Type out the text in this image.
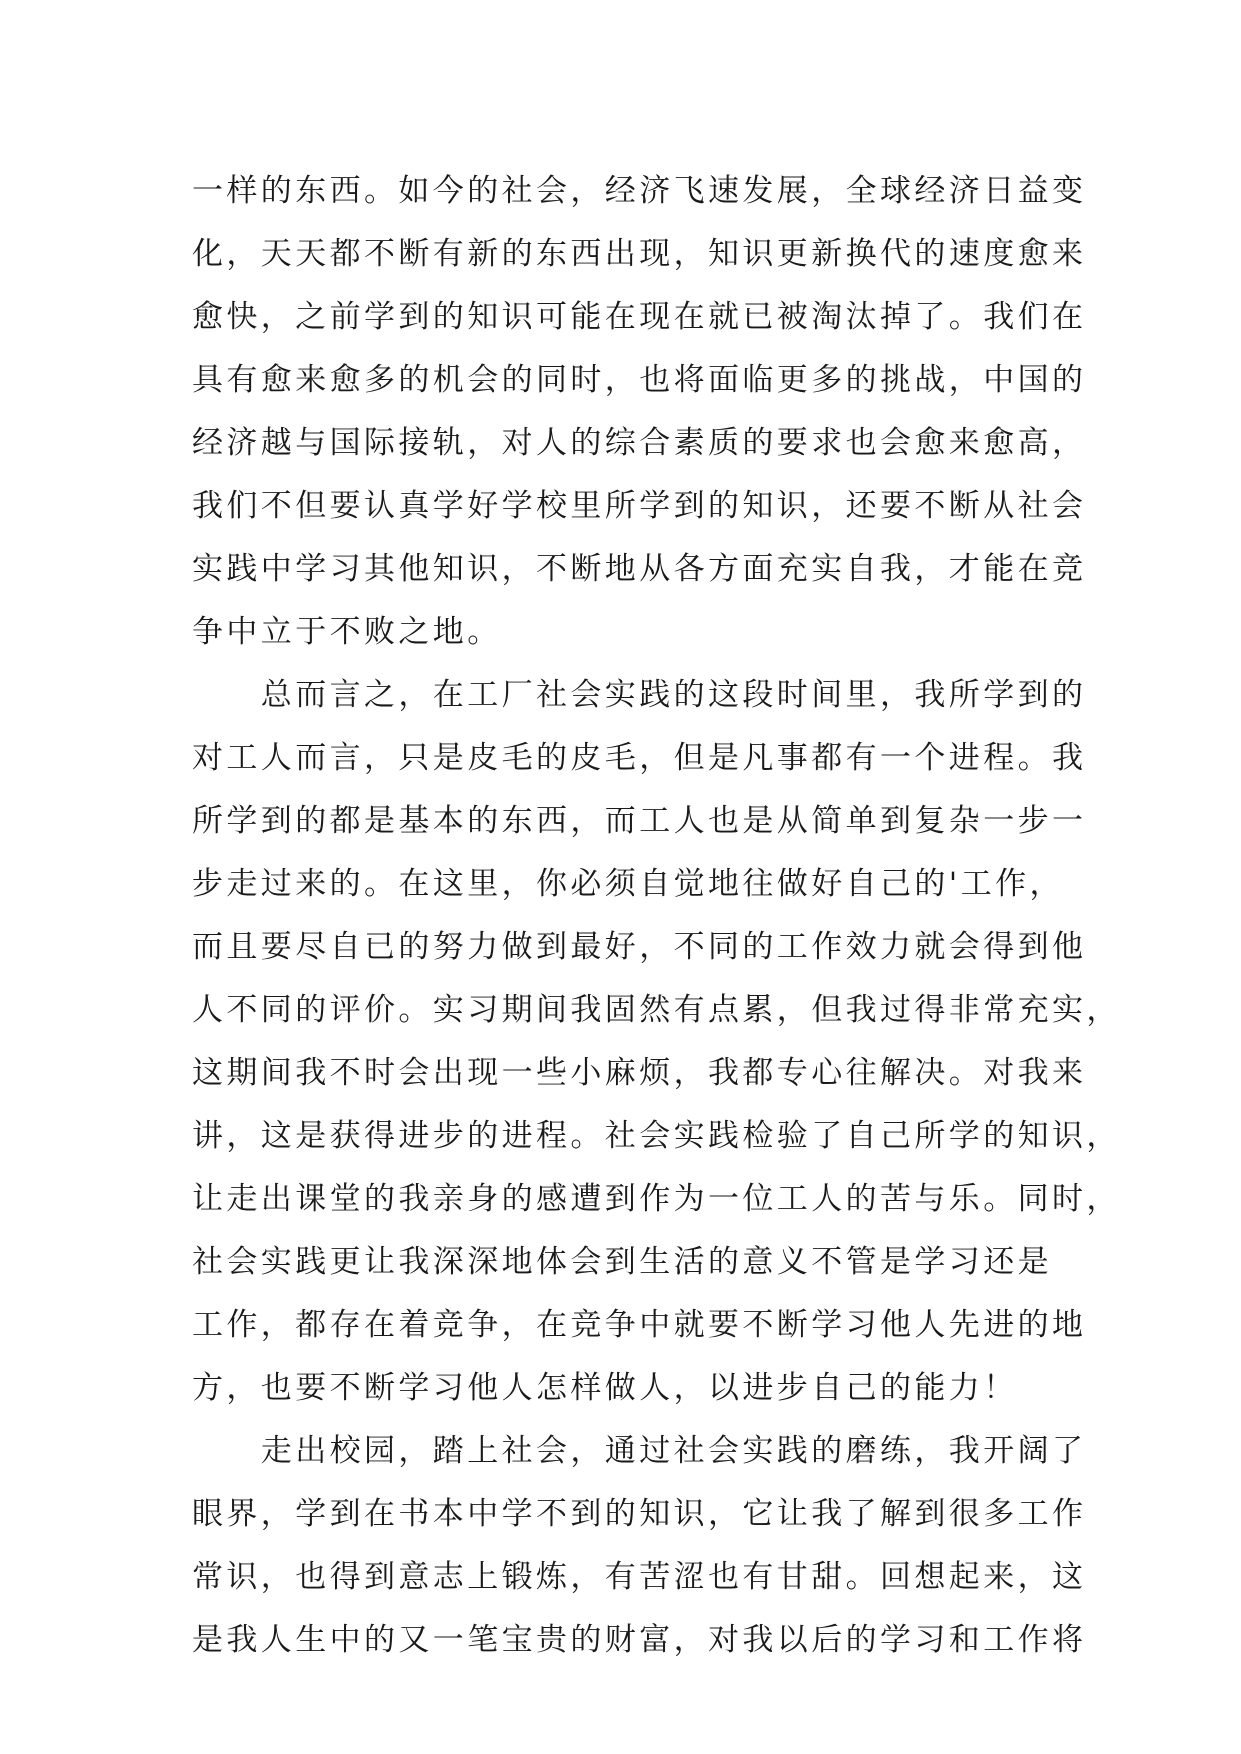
一样的东西。如今的社会，经济飞速发展，全球经济日益变
化，天天都不断有新的东西出现，知识更新换代的速度愈来
愈快，之前学到的知识可能在现在就已被淘汰掉了。我们在
具有愈来愈多的机会的同时，也将面临更多的挑战，中国的
经济越与国际接轨，对人的综合素质的要求也会愈来愈高，
我们不但要认真学好学校里所学到的知识，还要不断从社会
实践中学习其他知识，不断地从各方面充实自我，才能在竞
争中立于不败之地。
　　总而言之，在工厂社会实践的这段时间里，我所学到的
对工人而言，只是皮毛的皮毛，但是凡事都有一个进程。我
所学到的都是基本的东西，而工人也是从简单到复杂一步一
步走过来的。在这里，你必须自觉地往做好自己的'工作，
而且要尽自已的努力做到最好，不同的工作效力就会得到他
人不同的评价。实习期间我固然有点累，但我过得非常充实，
这期间我不时会出现一些小麻烦，我都专心往解决。对我来
讲，这是获得进步的进程。社会实践检验了自己所学的知识，
让走出课堂的我亲身的感遭到作为一位工人的苦与乐。同时，
社会实践更让我深深地体会到生活的意义不管是学习还是
工作，都存在着竞争，在竞争中就要不断学习他人先进的地
方，也要不断学习他人怎样做人，以进步自己的能力！
　　走出校园，踏上社会，通过社会实践的磨练，我开阔了
眼界，学到在书本中学不到的知识，它让我了解到很多工作
常识，也得到意志上锻炼，有苦涩也有甘甜。回想起来，这
是我人生中的又一笔宝贵的财富，对我以后的学习和工作将
